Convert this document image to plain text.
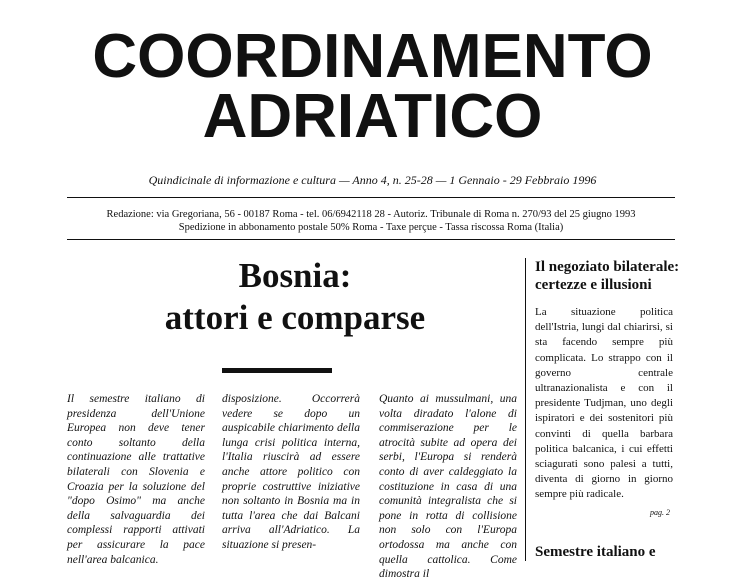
COORDINAMENTO
ADRIATICO
Quindicinale di informazione e cultura — Anno 4, n. 25-28 — 1 Gennaio - 29 Febbraio 1996
Redazione: via Gregoriana, 56 - 00187 Roma - tel. 06/6942118 28 - Autoriz. Tribunale di Roma n. 270/93 del 25 giugno 1993
Spedizione in abbonamento postale 50% Roma - Taxe perçue - Tassa riscossa Roma (Italia)
Bosnia:
attori e comparse
Il semestre italiano di presidenza dell'Unione Europea non deve tener conto soltanto della continuazione alle trattative bilaterali con Slovenia e Croazia per la soluzione del "dopo Osimo" ma anche della salvaguardia dei complessi rapporti attivati per assicurare la pace nell'area balcanica.
disposizione. Occorrerà vedere se dopo un auspicabile chiarimento della lunga crisi politica interna, l'Italia riuscirà ad essere anche attore politico con proprie costruttive iniziative non soltanto in Bosnia ma in tutta l'area che dai Balcani arriva all'Adriatico. La situazione si presen-
Quanto ai mussulmani, una volta diradato l'alone di commiserazione per le atrocità subite ad opera dei serbi, l'Europa si renderà conto di aver caldeggiato la costituzione in casa di una comunità integralista che si pone in rotta di collisione non solo con l'Europa ortodossa ma anche con quella cattolica. Come dimostra il
Il negoziato bilaterale: certezze e illusioni
La situazione politica dell'Istria, lungi dal chiarirsi, si sta facendo sempre più complicata. Lo strappo con il governo centrale ultranazionalista e con il presidente Tudjman, uno degli ispiratori e dei sostenitori più convinti di quella barbara politica balcanica, i cui effetti sciagurati sono palesi a tutti, diventa di giorno in giorno sempre più radicale.
pag. 2
Semestre italiano e
